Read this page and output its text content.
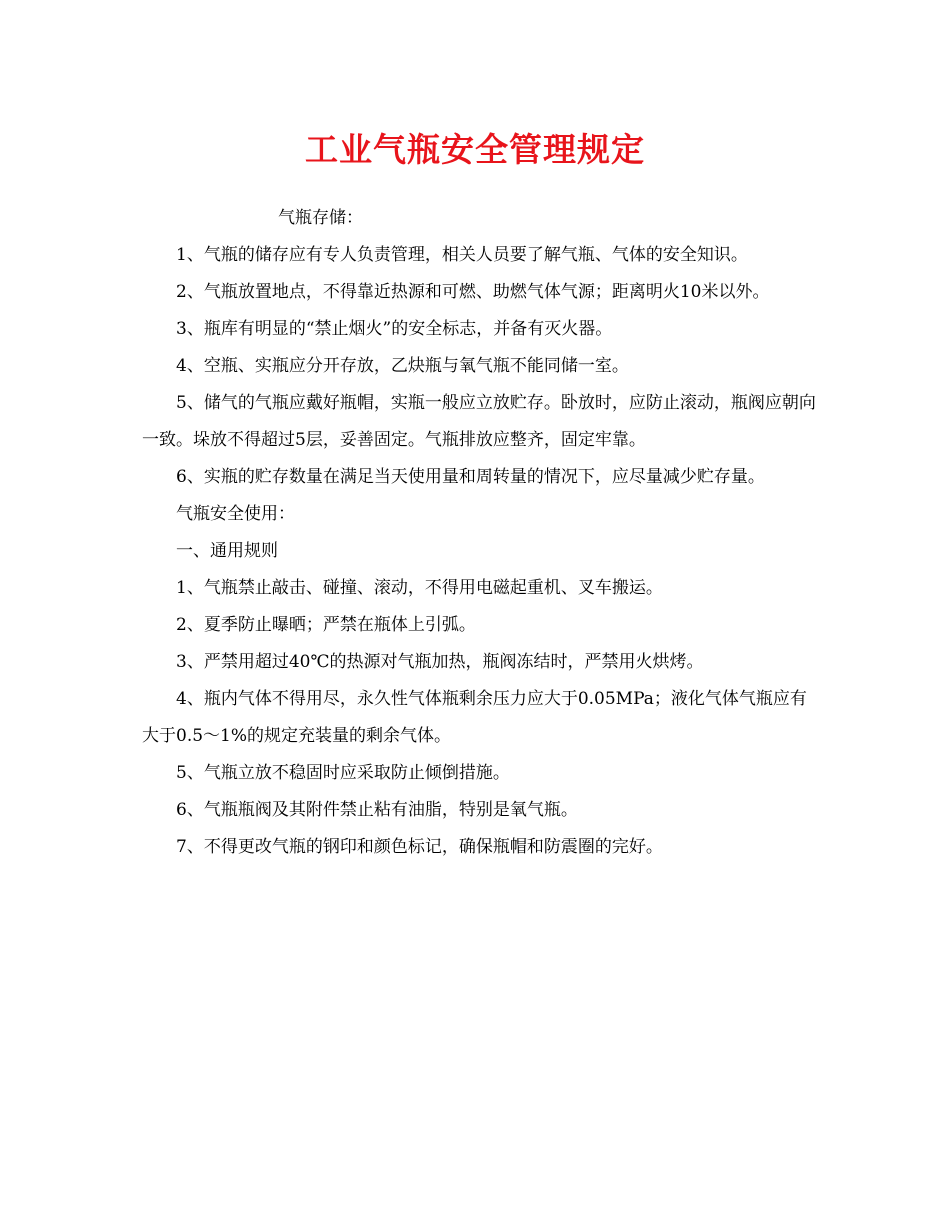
工业气瓶安全管理规定

气瓶存储：

1、气瓶的储存应有专人负责管理，相关人员要了解气瓶、气体的安全知识。

2、气瓶放置地点，不得靠近热源和可燃、助燃气体气源；距离明火10米以外。

3、瓶库有明显的“禁止烟火”的安全标志，并备有灭火器。

4、空瓶、实瓶应分开存放，乙炔瓶与氧气瓶不能同储一室。

5、储气的气瓶应戴好瓶帽，实瓶一般应立放贮存。卧放时，应防止滚动，瓶阀应朝向一致。垛放不得超过5层，妥善固定。气瓶排放应整齐，固定牢靠。

6、实瓶的贮存数量在满足当天使用量和周转量的情况下，应尽量减少贮存量。

气瓶安全使用：

一、通用规则

1、气瓶禁止敲击、碰撞、滚动，不得用电磁起重机、叉车搬运。

2、夏季防止曝晒；严禁在瓶体上引弧。

3、严禁用超过40℃的热源对气瓶加热，瓶阀冻结时，严禁用火烘烤。

4、瓶内气体不得用尽，永久性气体瓶剩余压力应大于0.05MPa；液化气体气瓶应有大于0.5～1%的规定充装量的剩余气体。

5、气瓶立放不稳固时应采取防止倾倒措施。

6、气瓶瓶阀及其附件禁止粘有油脂，特别是氧气瓶。

7、不得更改气瓶的钢印和颜色标记，确保瓶帽和防震圈的完好。
